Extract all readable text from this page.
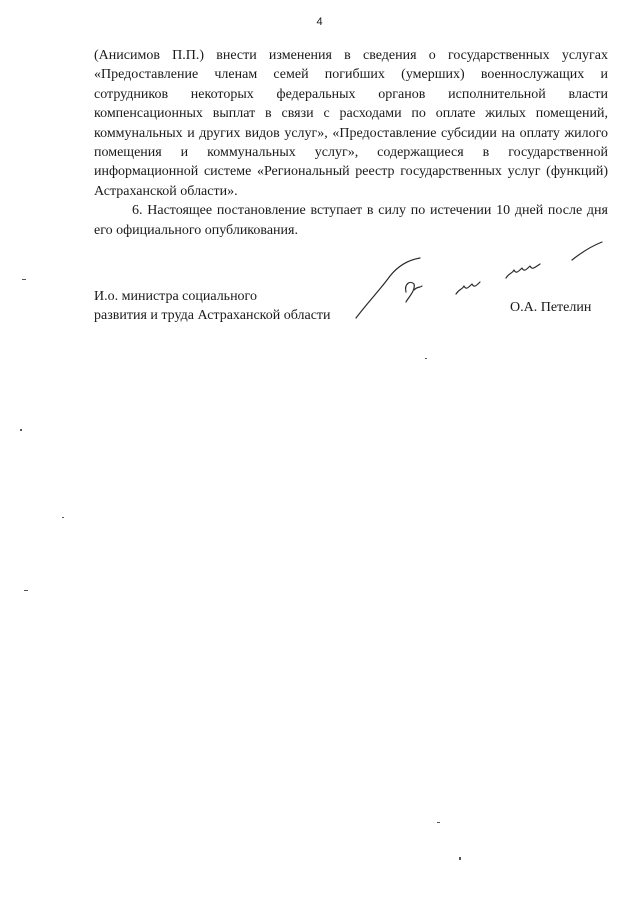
4

(Анисимов П.П.) внести изменения в сведения о государственных услугах «Предоставление членам семей погибших (умерших) военнослужащих и сотрудников некоторых федеральных органов исполнительной власти компенсационных выплат в связи с расходами по оплате жилых помещений, коммунальных и других видов услуг», «Предоставление субсидии на оплату жилого помещения и коммунальных услуг», содержащиеся в государственной информационной системе «Региональный реестр государственных услуг (функций) Астраханской области».

6. Настоящее постановление вступает в силу по истечении 10 дней после дня его официального опубликования.

И.о. министра социального
развития и труда Астраханской области
О.А. Петелин
